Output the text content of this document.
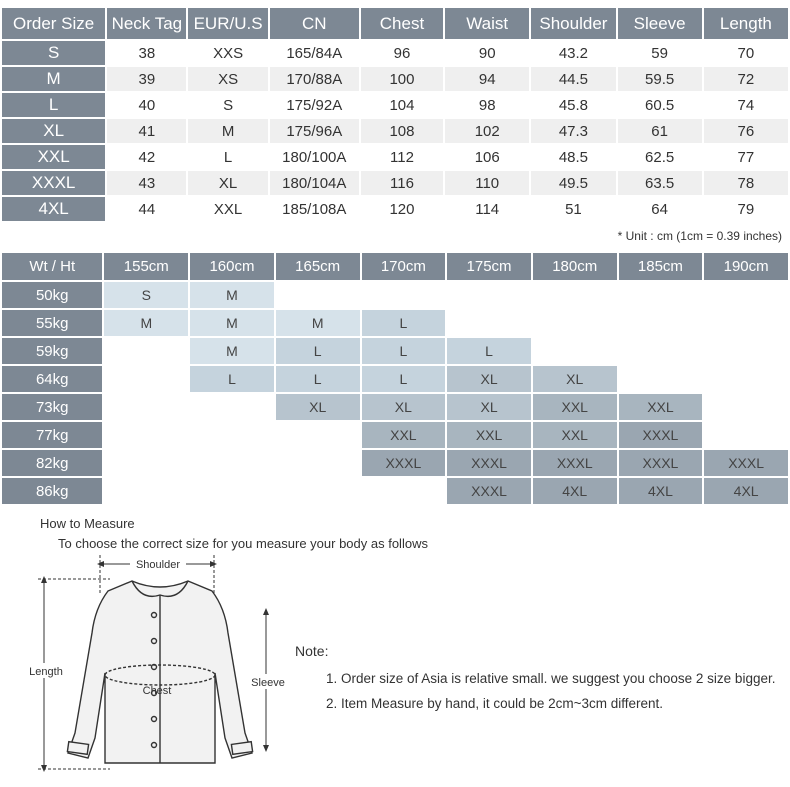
Order Size	Neck Tag	EUR/U.S	CN	Chest	Waist	Shoulder	Sleeve	Length
S	38	XXS	165/84A	96	90	43.2	59	70
M	39	XS	170/88A	100	94	44.5	59.5	72
L	40	S	175/92A	104	98	45.8	60.5	74
XL	41	M	175/96A	108	102	47.3	61	76
XXL	42	L	180/100A	112	106	48.5	62.5	77
XXXL	43	XL	180/104A	116	110	49.5	63.5	78
4XL	44	XXL	185/108A	120	114	51	64	79
* Unit : cm (1cm = 0.39 inches)
Wt / Ht	155cm	160cm	165cm	170cm	175cm	180cm	185cm	190cm
50kg	S	M						
55kg	M	M	M	L				
59kg		M	L	L	L			
64kg		L	L	L	XL	XL		
73kg			XL	XL	XL	XXL	XXL	
77kg				XXL	XXL	XXL	XXXL	
82kg				XXXL	XXXL	XXXL	XXXL	XXXL
86kg					XXXL	4XL	4XL	4XL
How to Measure
To choose the correct size for you measure your body as follows
Shoulder
Length
Chest
Sleeve
Note:
1. Order size of Asia is relative small. we suggest you choose 2 size bigger.
2. Item Measure by hand, it could be 2cm~3cm different.
